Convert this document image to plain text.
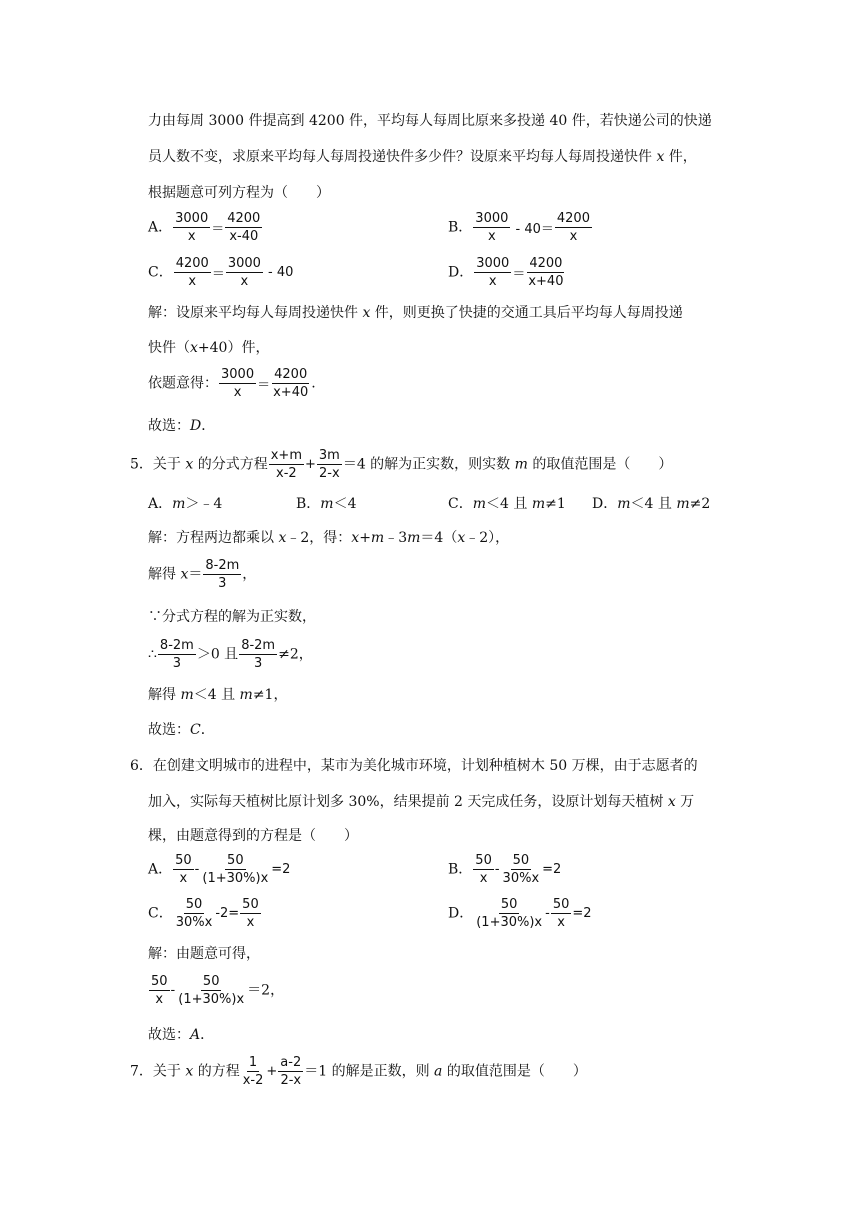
力由每周 3000 件提高到 4200 件，平均每人每周比原来多投递 40 件，若快递公司的快递
员人数不变，求原来平均每人每周投递快件多少件？设原来平均每人每周投递快件 x 件，
根据题意可列方程为（　　）
A． $\frac{3000}{x} = \frac{4200}{x-40}$	B． $\frac{3000}{x} - 40= \frac{4200}{x}$
C． $\frac{4200}{x} = \frac{3000}{x} - 40$	D． $\frac{3000}{x} = \frac{4200}{x+40}$
解：设原来平均每人每周投递快件 x 件，则更换了快捷的交通工具后平均每人每周投递
快件（x+40）件，
依题意得： $\frac{3000}{x} = \frac{4200}{x+40}$ .
故选：D．
5．关于 x 的分式方程 $\frac{x+m}{x-2} + \frac{3m}{2-x} =4$ 的解为正实数，则实数 m 的取值范围是（　　）
A．m＞﹣4	B．m＜4	C．m＜4 且 m≠1 D．m＜4 且 m≠2
解：方程两边都乘以 x﹣2，得：x+m﹣3m＝4（x﹣2），
解得 $x= \frac{8-2m}{3}$ ，
∵分式方程的解为正实数，
∴ $\frac{8-2m}{3} >0$ 且 $\frac{8-2m}{3} \ne 2$，
解得 m＜4 且 m≠1，
故选：C．
6．在创建文明城市的进程中，某市为美化城市环境，计划种植树木 50 万棵，由于志愿者的
加入，实际每天植树比原计划多 30%，结果提前 2 天完成任务，设原计划每天植树 x 万
棵，由题意得到的方程是（　　）
A． $\frac{50}{x} - \frac{50}{(1+30\%)x} =2$	B． $\frac{50}{x} - \frac{50}{30\%x} =2$
C． $\frac{50}{30\%x} -2= \frac{50}{x}$	D． $\frac{50}{(1+30\%)x} - \frac{50}{x} =2$
解：由题意可得，
$\frac{50}{x} - \frac{50}{(1+30\%)x} =2$，
故选：A．
7．关于 x 的方程 $\frac{1}{x-2} + \frac{a-2}{2-x} =1$ 的解是正数，则 a 的取值范围是（　　）
